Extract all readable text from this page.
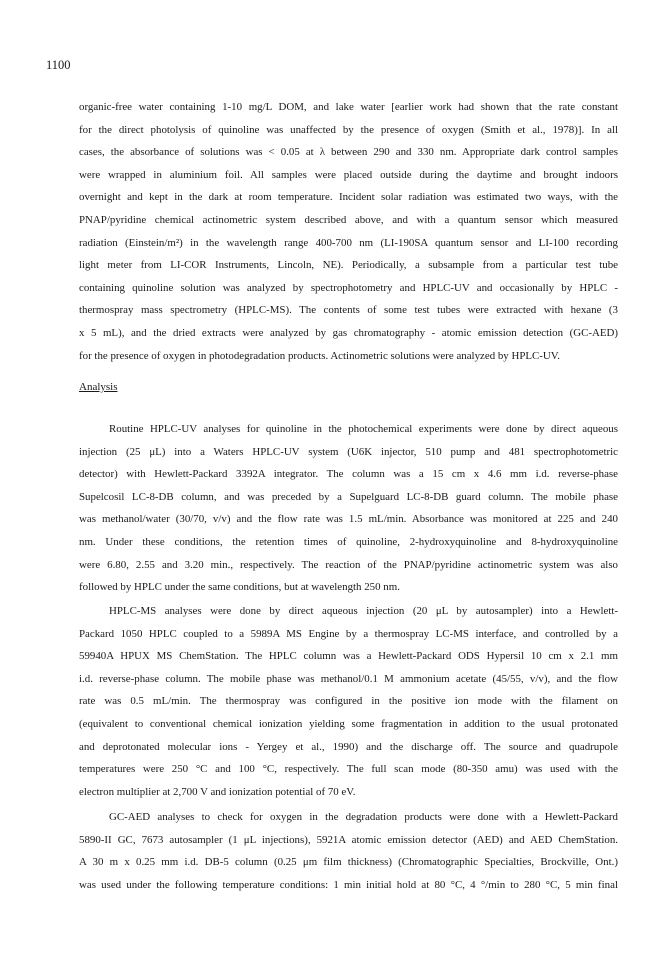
1100
organic-free water containing 1-10 mg/L DOM, and lake water [earlier work had shown that the rate constant
for the direct photolysis of quinoline was unaffected by the presence of oxygen (Smith et al., 1978)]. In all
cases, the absorbance of solutions was < 0.05 at λ between 290 and 330 nm. Appropriate dark control samples
were wrapped in aluminium foil. All samples were placed outside during the daytime and brought indoors
overnight and kept in the dark at room temperature. Incident solar radiation was estimated two ways, with the
PNAP/pyridine chemical actinometric system described above, and with a quantum sensor which measured
radiation (Einstein/m²) in the wavelength range 400-700 nm (LI-190SA quantum sensor and LI-100 recording
light meter from LI-COR Instruments, Lincoln, NE). Periodically, a subsample from a particular test tube
containing quinoline solution was analyzed by spectrophotometry and HPLC-UV and occasionally by HPLC -
thermospray mass spectrometry (HPLC-MS). The contents of some test tubes were extracted with hexane (3
x 5 mL), and the dried extracts were analyzed by gas chromatography - atomic emission detection (GC-AED)
for the presence of oxygen in photodegradation products. Actinometric solutions were analyzed by HPLC-UV.
Analysis
Routine HPLC-UV analyses for quinoline in the photochemical experiments were done by direct aqueous
injection (25 μL) into a Waters HPLC-UV system (U6K injector, 510 pump and 481 spectrophotometric
detector) with Hewlett-Packard 3392A integrator. The column was a 15 cm x 4.6 mm i.d. reverse-phase
Supelcosil LC-8-DB column, and was preceded by a Supelguard LC-8-DB guard column. The mobile phase
was methanol/water (30/70, v/v) and the flow rate was 1.5 mL/min. Absorbance was monitored at 225 and 240
nm. Under these conditions, the retention times of quinoline, 2-hydroxyquinoline and 8-hydroxyquinoline
were 6.80, 2.55 and 3.20 min., respectively. The reaction of the PNAP/pyridine actinometric system was also
followed by HPLC under the same conditions, but at wavelength 250 nm.
HPLC-MS analyses were done by direct aqueous injection (20 μL by autosampler) into a Hewlett-
Packard 1050 HPLC coupled to a 5989A MS Engine by a thermospray LC-MS interface, and controlled by a
59940A HPUX MS ChemStation. The HPLC column was a Hewlett-Packard ODS Hypersil 10 cm x 2.1 mm
i.d. reverse-phase column. The mobile phase was methanol/0.1 M ammonium acetate (45/55, v/v), and the flow
rate was 0.5 mL/min. The thermospray was configured in the positive ion mode with the filament on
(equivalent to conventional chemical ionization yielding some fragmentation in addition to the usual protonated
and deprotonated molecular ions - Yergey et al., 1990) and the discharge off. The source and quadrupole
temperatures were 250 °C and 100 °C, respectively. The full scan mode (80-350 amu) was used with the
electron multiplier at 2,700 V and ionization potential of 70 eV.
GC-AED analyses to check for oxygen in the degradation products were done with a Hewlett-Packard
5890-II GC, 7673 autosampler (1 μL injections), 5921A atomic emission detector (AED) and AED ChemStation.
A 30 m x 0.25 mm i.d. DB-5 column (0.25 μm film thickness) (Chromatographic Specialties, Brockville, Ont.)
was used under the following temperature conditions: 1 min initial hold at 80 °C, 4 °/min to 280 °C, 5 min final
